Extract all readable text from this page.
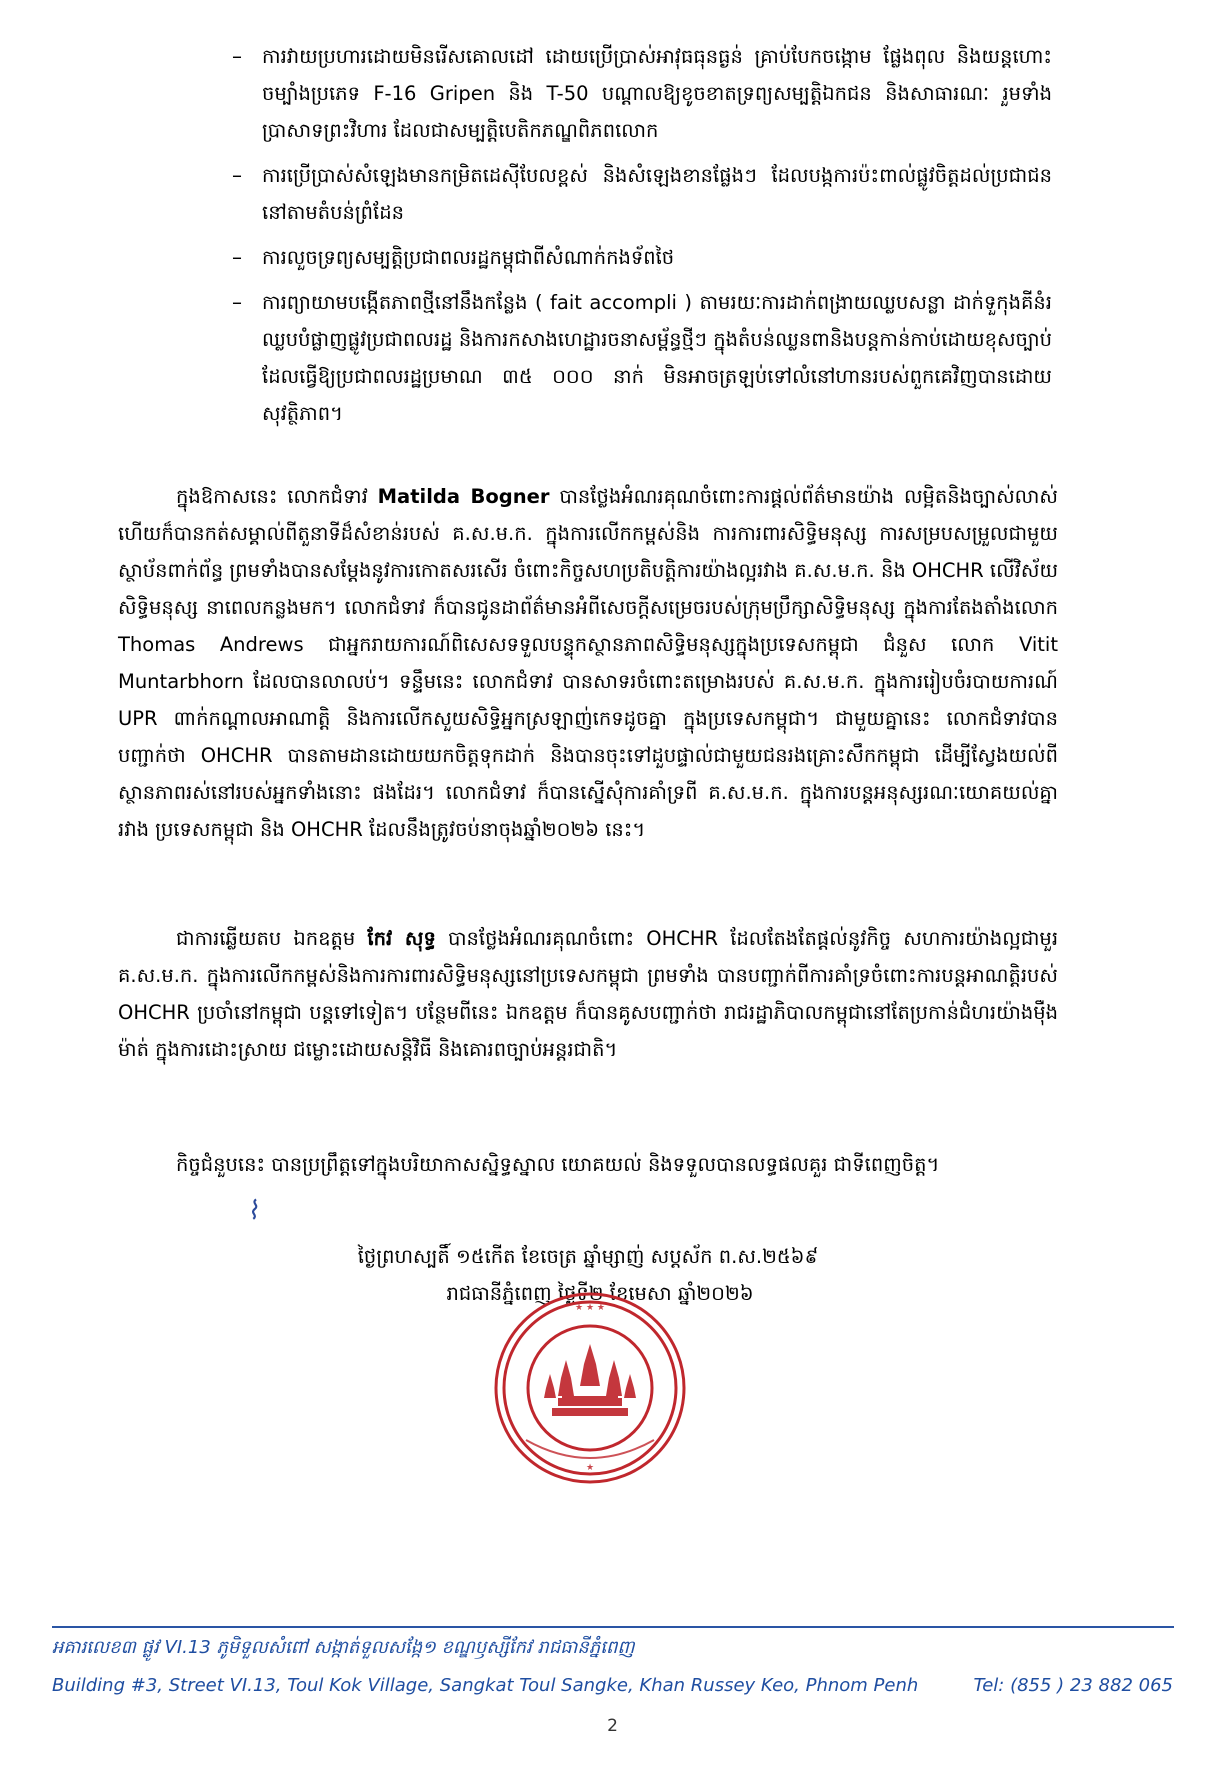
–	ការវាយប្រហារដោយមិនរើសគោលដៅ ដោយប្រើប្រាស់អាវុធធុនធ្ងន់ គ្រាប់បែកចង្កោម ផ្លែងពុល និងយន្តហោះចម្បាំងប្រភេទ F-16 Gripen និង T-50 បណ្ដាលឱ្យខូចខាតទ្រព្យសម្បត្តិឯកជន និងសាធារណៈ រួមទាំង ប្រាសាទព្រះវិហារ ដែលជាសម្បត្តិបេតិកភណ្ឌពិភពលោក
–	ការប្រើប្រាស់សំឡេងមានកម្រិតដេស៊ីបែលខ្ពស់ និងសំឡេងខានផ្លែងៗ ដែលបង្កការប៉ះពាល់ផ្លូវចិត្តដល់ប្រជាជននៅតាមតំបន់ព្រំដែន
–	ការលួចទ្រព្យសម្បត្តិប្រជាពលរដ្ឋកម្ពុជាពីសំណាក់កងទ័ពថៃ
–	ការព្យាយាមបង្កើតភាពថ្មីនៅនឹងកន្លែង ( fait accompli ) តាមរយៈការដាក់ពង្រាយឈ្លបសន្លា ដាក់ទួកុងគីនំរ ឈ្លបបំផ្លាញផ្លូវប្រជាពលរដ្ឋ និងការកសាងហេដ្ឋារចនាសម្ព័ន្ធថ្មីៗ ក្នុងតំបន់ឈ្លនពានិងបន្តកាន់កាប់ដោយខុសច្បាប់ ដែលធ្វើឱ្យប្រជាពលរដ្ឋប្រមាណ ៣៥ ០០០ នាក់ មិនអាចត្រឡប់ទៅលំនៅហានរបស់ពួកគេវិញបានដោយសុវត្ថិភាព។
ក្នុងឱកាសនេះ លោកជំទាវ Matilda Bogner បានថ្លែងអំណរគុណចំពោះការផ្តល់ព័ត៌មានយ៉ាង លម្អិតនិងច្បាស់លាស់ ហើយក៏បានកត់សម្គាល់ពីតួនាទីដ៏សំខាន់របស់ គ.ស.ម.ក. ក្នុងការលើកកម្ពស់និង ការការពារសិទ្ធិមនុស្ស ការសម្របសម្រួលជាមួយស្ថាប័នពាក់ព័ន្ធ ព្រមទាំងបានសម្តែងនូវការកោតសរសើរ ចំពោះកិច្ចសហប្រតិបត្តិការយ៉ាងល្អរវាង គ.ស.ម.ក. និង OHCHR លើវិស័យសិទ្ធិមនុស្ស នាពេលកន្លងមក។ លោកជំទាវ ក៏បានជូនដាព័ត៌មានអំពីសេចក្តីសម្រេចរបស់ក្រុមប្រឹក្សាសិទ្ធិមនុស្ស ក្នុងការតែងតាំងលោក Thomas Andrews ជាអ្នករាយការណ៍ពិសេសទទួលបន្ទុកស្ថានភាពសិទ្ធិមនុស្សក្នុងប្រទេសកម្ពុជា ជំនួស លោក Vitit Muntarbhorn ដែលបានលាលប់។ ទន្ទឹមនេះ លោកជំទាវ បានសាទរចំពោះតម្រោងរបស់ គ.ស.ម.ក. ក្នុងការរៀបចំរបាយការណ៍ UPR ៣ាក់កណ្ដាលអាណាត្តិ និងការលើកសួយសិទ្ធិអ្នកស្រឡាញ់កេទដូចគ្នា ក្នុងប្រទេសកម្ពុជា។ ជាមួយគ្នានេះ លោកជំទាវបានបញ្ជាក់ថា OHCHR បានតាមដានដោយយកចិត្តទុកដាក់ និងបានចុះទៅដួបផ្ទាល់ជាមួយជនរងគ្រោះសឹកកម្ពុជា ដើម្បីស្វែងយល់ពីស្ថានភាពរស់នៅរបស់អ្នកទាំងនោះ ផងដែរ។ លោកជំទាវ ក៏បានស្នើសុំការគាំទ្រពី គ.ស.ម.ក. ក្នុងការបន្តអនុស្សរណៈយោគយល់គ្នារវាង ប្រទេសកម្ពុជា និង OHCHR ដែលនឹងត្រូវចប់នាចុងឆ្នាំ២០២៦ នេះ។
ជាការឆ្លើយតប ឯកឧត្តម កែវ សុទ្ធ បានថ្លែងអំណរគុណចំពោះ OHCHR ដែលតែងតែផ្តល់នូវកិច្ច សហការយ៉ាងល្អជាមួរ គ.ស.ម.ក. ក្នុងការលើកកម្ពស់និងការការពារសិទ្ធិមនុស្សនៅប្រទេសកម្ពុជា ព្រមទាំង បានបញ្ជាក់ពីការគាំទ្រចំពោះការបន្តអាណត្តិរបស់ OHCHR ប្រចាំនៅកម្ពុជា បន្តទៅទៀត។ បន្ថែមពីនេះ ឯកឧត្តម ក៏បានគូសបញ្ជាក់ថា រាជរដ្ឋាភិបាលកម្ពុជានៅតែប្រកាន់ជំហរយ៉ាងម៉ឺងម៉ាត់ ក្នុងការដោះស្រាយ ជម្លោះដោយសន្តិវិធី និងគោរពច្បាប់អន្តរជាតិ។
កិច្ចជំនួបនេះ បានប្រព្រឹត្តទៅក្នុងបរិយាកាសស្និទ្ធស្នាល យោគយល់ និងទទួលបានលទ្ធផលគួរ ជាទីពេញចិត្ត។
⌇
ថ្ងៃព្រហស្បតិ៍ ១៥កើត ខែចេត្រ ឆ្នាំម្សាញ់ សប្ដស័ក ព.ស.២៥៦៩
រាជធានីភ្នំពេញ ថ្ងៃទី២ ខែមេសា ឆ្នាំ២០២៦
★ ★ ★
★
អគារលេខ៣ ផ្លូវ VI.13 ភូមិទួលសំពៅ សង្កាត់ទួលសង្កែ១ ខណ្ឌឫស្សីកែវ រាជធានីភ្នំពេញ
Building #3, Street VI.13, Toul Kok Village, Sangkat Toul Sangke, Khan Russey Keo, Phnom Penh	Tel: (855 ) 23 882 065
2
